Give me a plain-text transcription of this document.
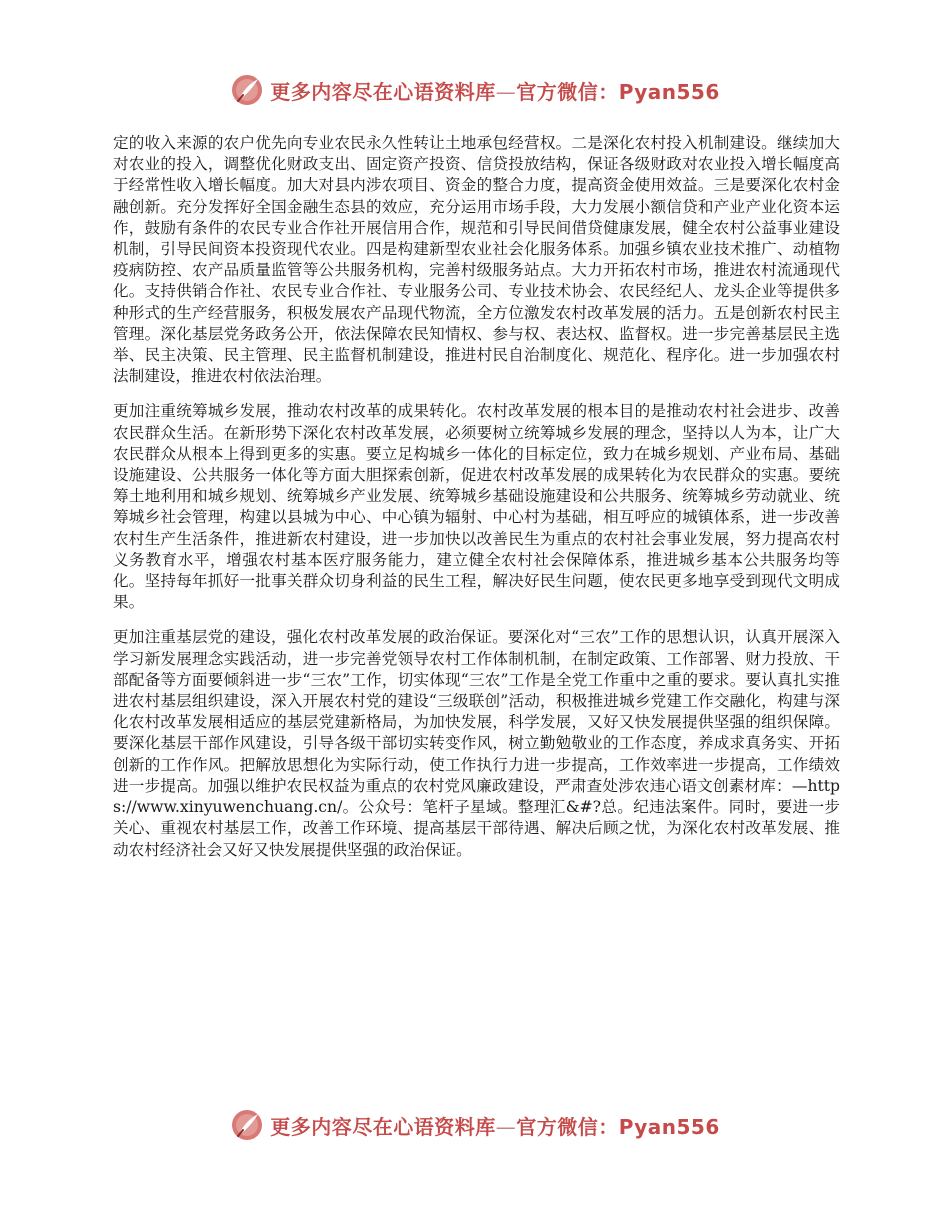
更多内容尽在心语资料库—官方微信：Pyan556

定的收入来源的农户优先向专业农民永久性转让土地承包经营权。二是深化农村投入机制建设。继续加大对农业的投入，调整优化财政支出、固定资产投资、信贷投放结构，保证各级财政对农业投入增长幅度高于经常性收入增长幅度。加大对县内涉农项目、资金的整合力度，提高资金使用效益。三是要深化农村金融创新。充分发挥好全国金融生态县的效应，充分运用市场手段，大力发展小额信贷和产业产业化资本运作，鼓励有条件的农民专业合作社开展信用合作，规范和引导民间借贷健康发展，健全农村公益事业建设机制，引导民间资本投资现代农业。四是构建新型农业社会化服务体系。加强乡镇农业技术推广、动植物疫病防控、农产品质量监管等公共服务机构，完善村级服务站点。大力开拓农村市场，推进农村流通现代化。支持供销合作社、农民专业合作社、专业服务公司、专业技术协会、农民经纪人、龙头企业等提供多种形式的生产经营服务，积极发展农产品现代物流，全方位激发农村改革发展的活力。五是创新农村民主管理。深化基层党务政务公开，依法保障农民知情权、参与权、表达权、监督权。进一步完善基层民主选举、民主决策、民主管理、民主监督机制建设，推进村民自治制度化、规范化、程序化。进一步加强农村法制建设，推进农村依法治理。

更加注重统筹城乡发展，推动农村改革的成果转化。农村改革发展的根本目的是推动农村社会进步、改善农民群众生活。在新形势下深化农村改革发展，必须要树立统筹城乡发展的理念，坚持以人为本，让广大农民群众从根本上得到更多的实惠。要立足构城乡一体化的目标定位，致力在城乡规划、产业布局、基础设施建设、公共服务一体化等方面大胆探索创新，促进农村改革发展的成果转化为农民群众的实惠。要统筹土地利用和城乡规划、统筹城乡产业发展、统筹城乡基础设施建设和公共服务、统筹城乡劳动就业、统筹城乡社会管理，构建以县城为中心、中心镇为辐射、中心村为基础，相互呼应的城镇体系，进一步改善农村生产生活条件，推进新农村建设，进一步加快以改善民生为重点的农村社会事业发展，努力提高农村义务教育水平，增强农村基本医疗服务能力，建立健全农村社会保障体系，推进城乡基本公共服务均等化。坚持每年抓好一批事关群众切身利益的民生工程，解决好民生问题，使农民更多地享受到现代文明成果。

更加注重基层党的建设，强化农村改革发展的政治保证。要深化对“三农”工作的思想认识，认真开展深入学习新发展理念实践活动，进一步完善党领导农村工作体制机制，在制定政策、工作部署、财力投放、干部配备等方面要倾斜进一步“三农”工作，切实体现“三农”工作是全党工作重中之重的要求。要认真扎实推进农村基层组织建设，深入开展农村党的建设“三级联创”活动，积极推进城乡党建工作交融化，构建与深化农村改革发展相适应的基层党建新格局，为加快发展，科学发展，又好又快发展提供坚强的组织保障。要深化基层干部作风建设，引导各级干部切实转变作风，树立勤勉敬业的工作态度，养成求真务实、开拓创新的工作作风。把解放思想化为实际行动，使工作执行力进一步提高，工作效率进一步提高，工作绩效进一步提高。加强以维护农民权益为重点的农村党风廉政建设，严肃查处涉农违心语文创素材库：—https://www.xinyuwenchuang.cn/。公众号：笔杆子星域。整理汇&#?总。纪违法案件。同时，要进一步关心、重视农村基层工作，改善工作环境、提高基层干部待遇、解决后顾之忧，为深化农村改革发展、推动农村经济社会又好又快发展提供坚强的政治保证。

更多内容尽在心语资料库—官方微信：Pyan556
